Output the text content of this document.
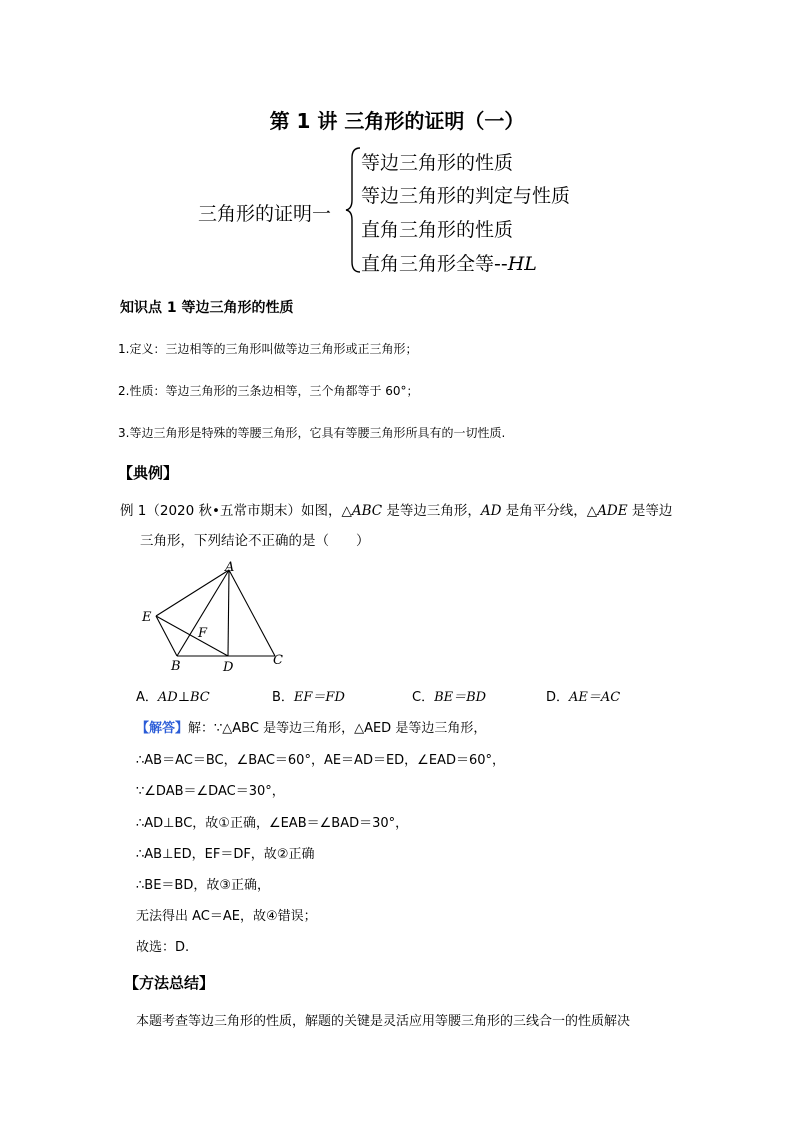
第 1 讲 三角形的证明（一）
三角形的证明一
等边三角形的性质
等边三角形的判定与性质
直角三角形的性质
直角三角形全等--HL
知识点 1 等边三角形的性质
1.定义：三边相等的三角形叫做等边三角形或正三角形；
2.性质：等边三角形的三条边相等，三个角都等于 60°；
3.等边三角形是特殊的等腰三角形，它具有等腰三角形所具有的一切性质.
【典例】
例 1（2020 秋•五常市期末）如图，△ABC 是等边三角形，AD 是角平分线，△ADE 是等边
三角形，下列结论不正确的是（　　）
A
B	C
D
E
F
A．AD⊥BC	B．EF＝FD	C．BE＝BD	D．AE＝AC
【解答】解：∵△ABC 是等边三角形，△AED 是等边三角形，
∴AB＝AC＝BC，∠BAC＝60°，AE＝AD＝ED，∠EAD＝60°，
∵∠DAB＝∠DAC＝30°，
∴AD⊥BC，故①正确，∠EAB＝∠BAD＝30°，
∴AB⊥ED，EF＝DF，故②正确
∴BE＝BD，故③正确，
无法得出 AC＝AE，故④错误；
故选：D.
【方法总结】
本题考查等边三角形的性质，解题的关键是灵活应用等腰三角形的三线合一的性质解决
